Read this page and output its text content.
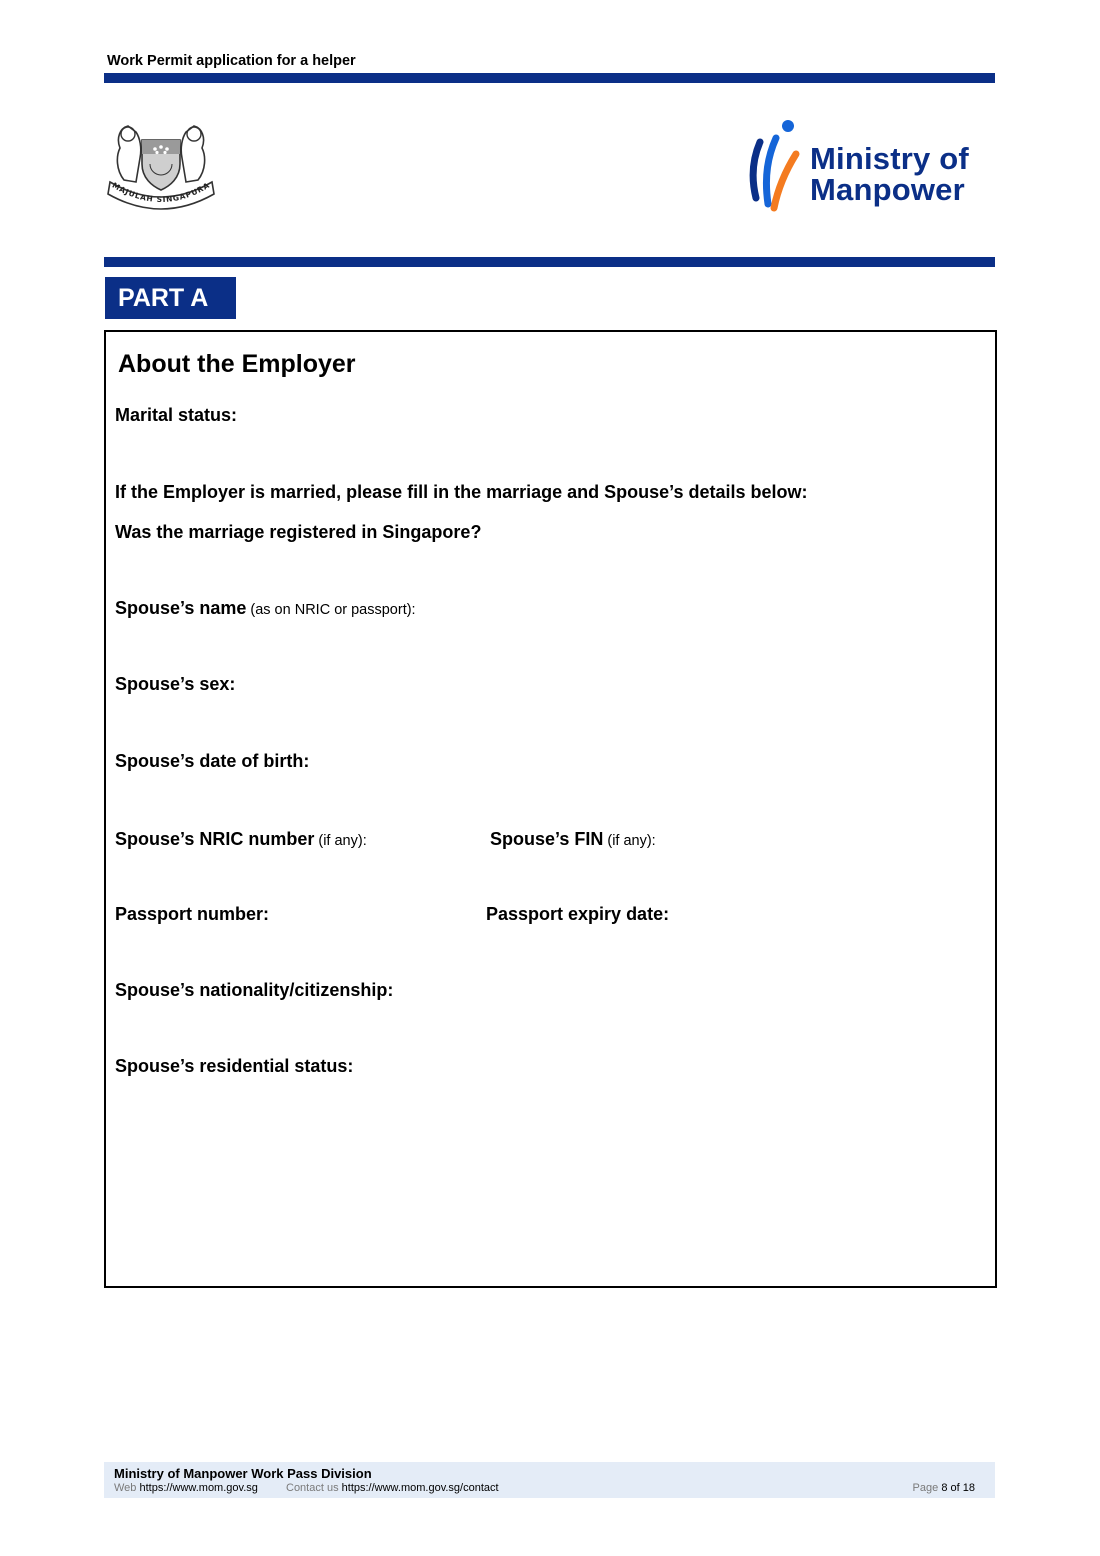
Work Permit application for a helper
MAJULAH SINGAPURA
Ministry of
Manpower
PART A
About the Employer
Marital status:
If the Employer is married, please fill in the marriage and Spouse’s details below:
Was the marriage registered in Singapore?
Spouse’s name (as on NRIC or passport):
Spouse’s sex:
Spouse’s date of birth:
Spouse’s NRIC number (if any):	Spouse’s FIN (if any):
Passport number:	Passport expiry date:
Spouse’s nationality/citizenship:
Spouse’s residential status:
Ministry of Manpower Work Pass Division
Web https://www.mom.gov.sg	Contact us https://www.mom.gov.sg/contact	Page 8 of 18
